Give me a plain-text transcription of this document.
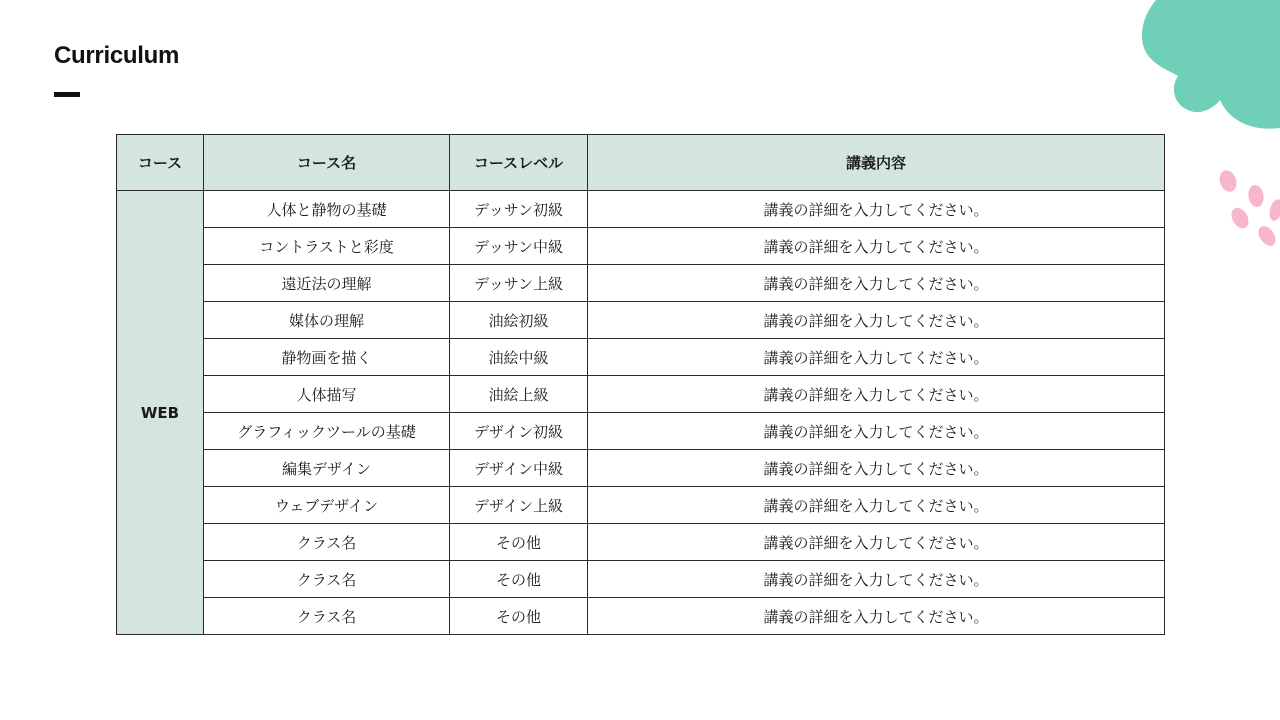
Curriculum
コース	コース名	コースレベル	講義内容
WEB	人体と静物の基礎	デッサン初級	講義の詳細を入力してください。
	コントラストと彩度	デッサン中級	講義の詳細を入力してください。
	遠近法の理解	デッサン上級	講義の詳細を入力してください。
	媒体の理解	油絵初級	講義の詳細を入力してください。
	静物画を描く	油絵中級	講義の詳細を入力してください。
	人体描写	油絵上級	講義の詳細を入力してください。
	グラフィックツールの基礎	デザイン初級	講義の詳細を入力してください。
	編集デザイン	デザイン中級	講義の詳細を入力してください。
	ウェブデザイン	デザイン上級	講義の詳細を入力してください。
	クラス名	その他	講義の詳細を入力してください。
	クラス名	その他	講義の詳細を入力してください。
	クラス名	その他	講義の詳細を入力してください。
